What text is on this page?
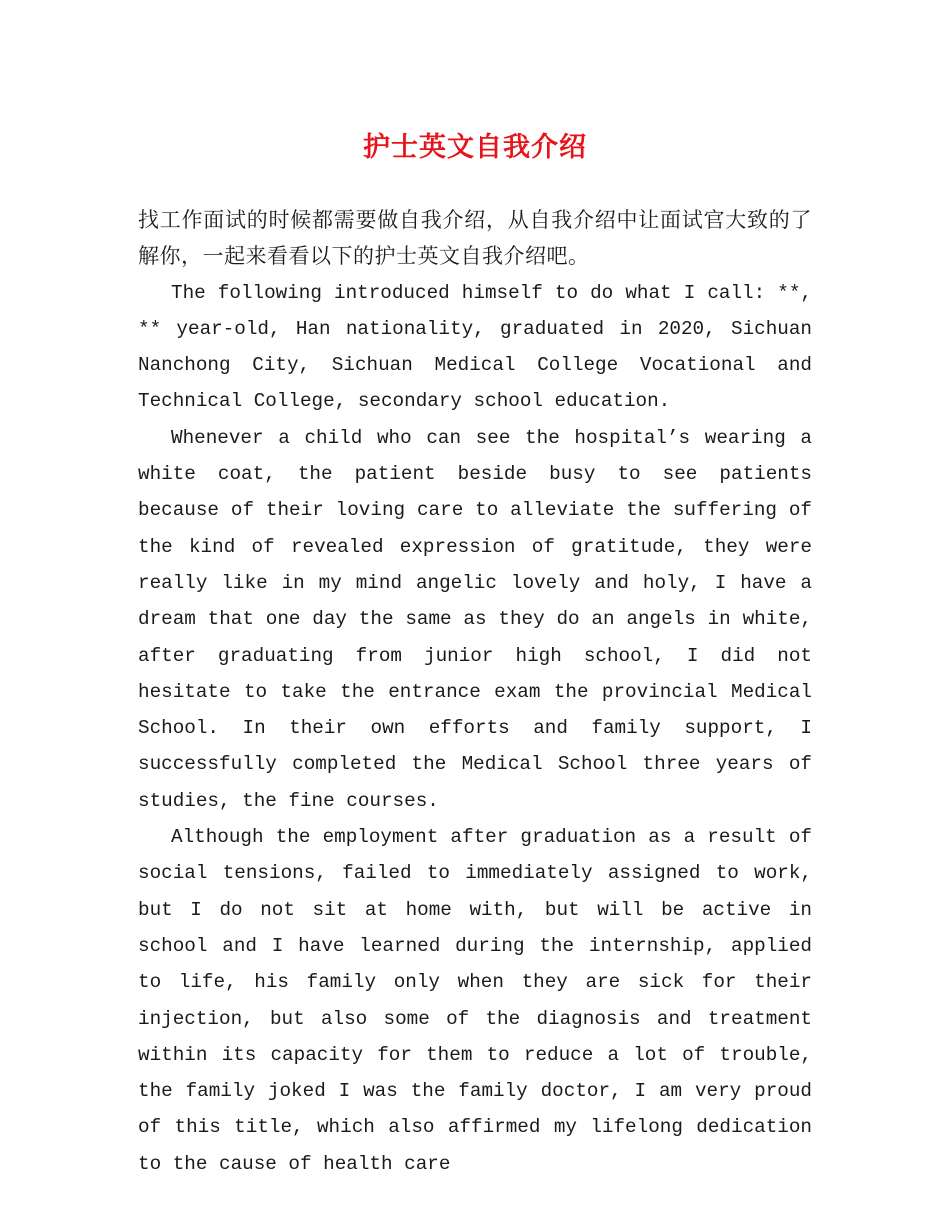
护士英文自我介绍

找工作面试的时候都需要做自我介绍，从自我介绍中让面试官大致的了解你，一起来看看以下的护士英文自我介绍吧。

The following introduced himself to do what I call: **, ** year-old, Han nationality, graduated in 2020, Sichuan Nanchong City, Sichuan Medical College Vocational and Technical College, secondary school education.

Whenever a child who can see the hospital’s wearing a white coat, the patient beside busy to see patients because of their loving care to alleviate the suffering of the kind of revealed expression of gratitude, they were really like in my mind angelic lovely and holy, I have a dream that one day the same as they do an angels in white, after graduating from junior high school, I did not hesitate to take the entrance exam the provincial Medical School. In their own efforts and family support, I successfully completed the Medical School three years of studies, the fine courses.

Although the employment after graduation as a result of social tensions, failed to immediately assigned to work, but I do not sit at home with, but will be active in school and I have learned during the internship, applied to life, his family only when they are sick for their injection, but also some of the diagnosis and treatment within its capacity for them to reduce a lot of trouble, the family joked I was the family doctor, I am very proud of this title, which also affirmed my lifelong dedication to the cause of health care
